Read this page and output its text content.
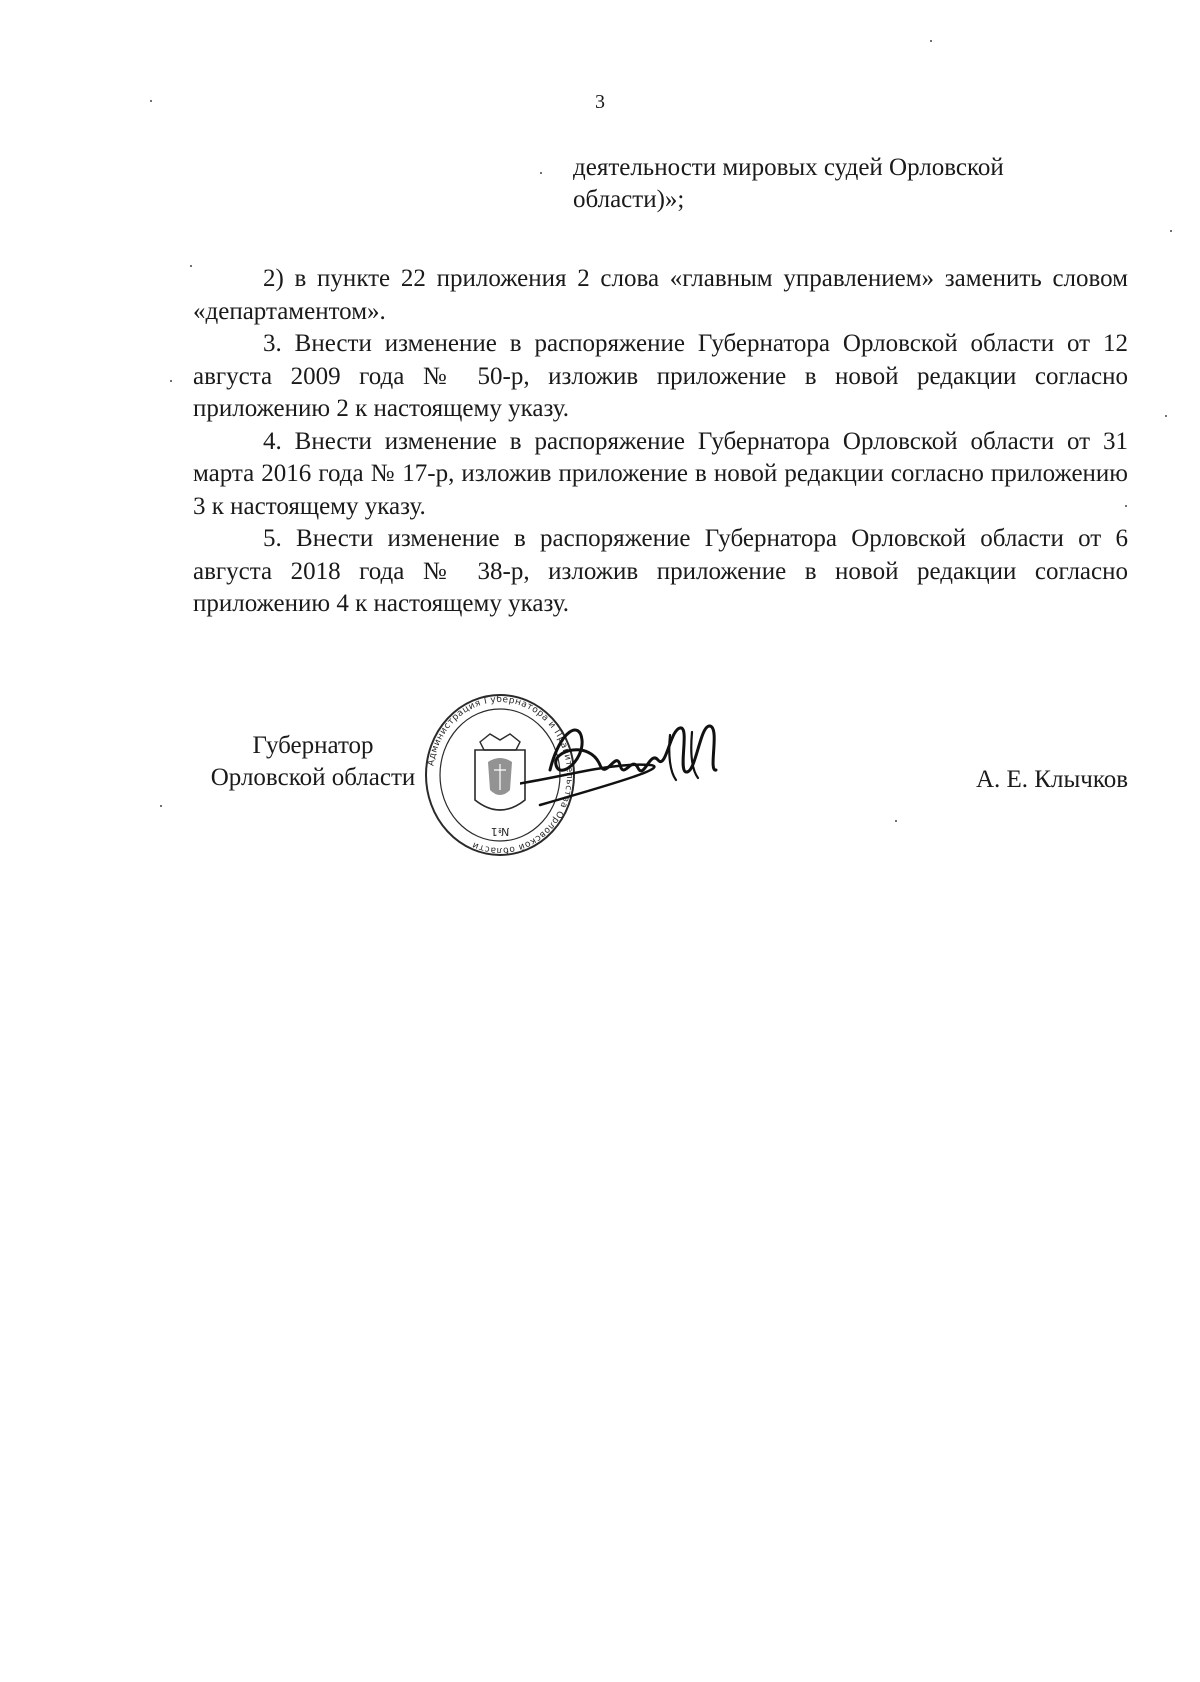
3
деятельности мировых судей Орловской
области)»;

2) в пункте 22 приложения 2 слова «главным управлением» заменить словом «департаментом».

3. Внести изменение в распоряжение Губернатора Орловской области от 12 августа 2009 года № 50-р, изложив приложение в новой редакции согласно приложению 2 к настоящему указу.

4. Внести изменение в распоряжение Губернатора Орловской области от 31 марта 2016 года № 17-р, изложив приложение в новой редакции согласно приложению 3 к настоящему указу.

5. Внести изменение в распоряжение Губернатора Орловской области от 6 августа 2018 года № 38-р, изложив приложение в новой редакции согласно приложению 4 к настоящему указу.

Губернатор
Орловской области
Администрация Губернатора и Правительства Орловской области
№1
А. Е. Клычков
